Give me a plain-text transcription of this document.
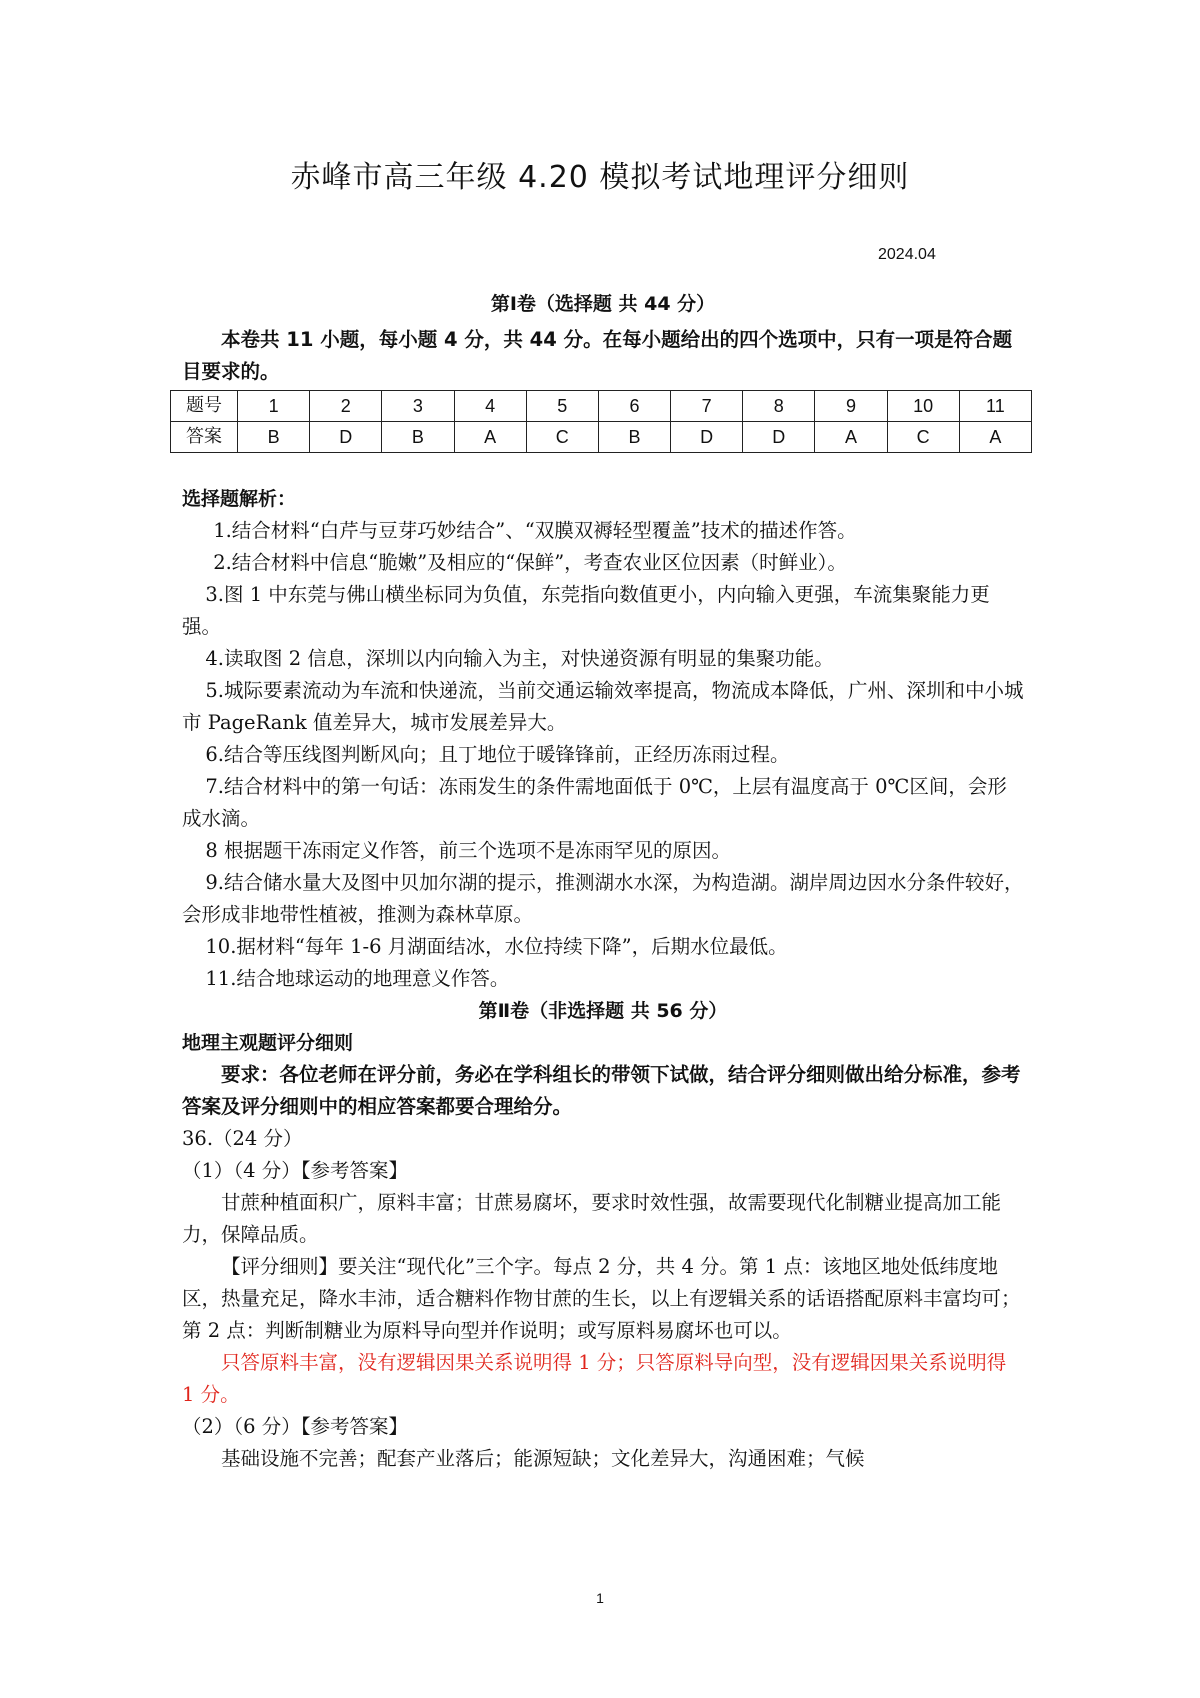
赤峰市高三年级 4.20 模拟考试地理评分细则
2024.04

第Ⅰ卷（选择题 共 44 分）

本卷共 11 小题，每小题 4 分，共 44 分。在每小题给出的四个选项中，只有一项是符合题目要求的。

题号	1	2	3	4	5	6	7	8	9	10	11
答案	B	D	B	A	C	B	D	D	A	C	A

选择题解析：

1.结合材料“白芹与豆芽巧妙结合”、“双膜双褥轻型覆盖”技术的描述作答。

2.结合材料中信息“脆嫩”及相应的“保鲜”，考查农业区位因素（时鲜业）。

3.图 1 中东莞与佛山横坐标同为负值，东莞指向数值更小，内向输入更强，车流集聚能力更强。

4.读取图 2 信息，深圳以内向输入为主，对快递资源有明显的集聚功能。

5.城际要素流动为车流和快递流，当前交通运输效率提高，物流成本降低，广州、深圳和中小城市 PageRank 值差异大，城市发展差异大。

6.结合等压线图判断风向；且丁地位于暖锋锋前，正经历冻雨过程。

7.结合材料中的第一句话：冻雨发生的条件需地面低于 0℃，上层有温度高于 0℃区间，会形成水滴。

8 根据题干冻雨定义作答，前三个选项不是冻雨罕见的原因。

9.结合储水量大及图中贝加尔湖的提示，推测湖水水深，为构造湖。湖岸周边因水分条件较好，会形成非地带性植被，推测为森林草原。

10.据材料“每年 1-6 月湖面结冰，水位持续下降”，后期水位最低。

11.结合地球运动的地理意义作答。

第Ⅱ卷（非选择题 共 56 分）

地理主观题评分细则

要求：各位老师在评分前，务必在学科组长的带领下试做，结合评分细则做出给分标准，参考答案及评分细则中的相应答案都要合理给分。

36.（24 分）

（1）（4 分）【参考答案】

甘蔗种植面积广，原料丰富；甘蔗易腐坏，要求时效性强，故需要现代化制糖业提高加工能力，保障品质。

【评分细则】要关注“现代化”三个字。每点 2 分，共 4 分。第 1 点：该地区地处低纬度地区，热量充足，降水丰沛，适合糖料作物甘蔗的生长，以上有逻辑关系的话语搭配原料丰富均可；第 2 点：判断制糖业为原料导向型并作说明；或写原料易腐坏也可以。

只答原料丰富，没有逻辑因果关系说明得 1 分；只答原料导向型，没有逻辑因果关系说明得 1 分。

（2）（6 分）【参考答案】

基础设施不完善；配套产业落后；能源短缺；文化差异大，沟通困难；气候

1
